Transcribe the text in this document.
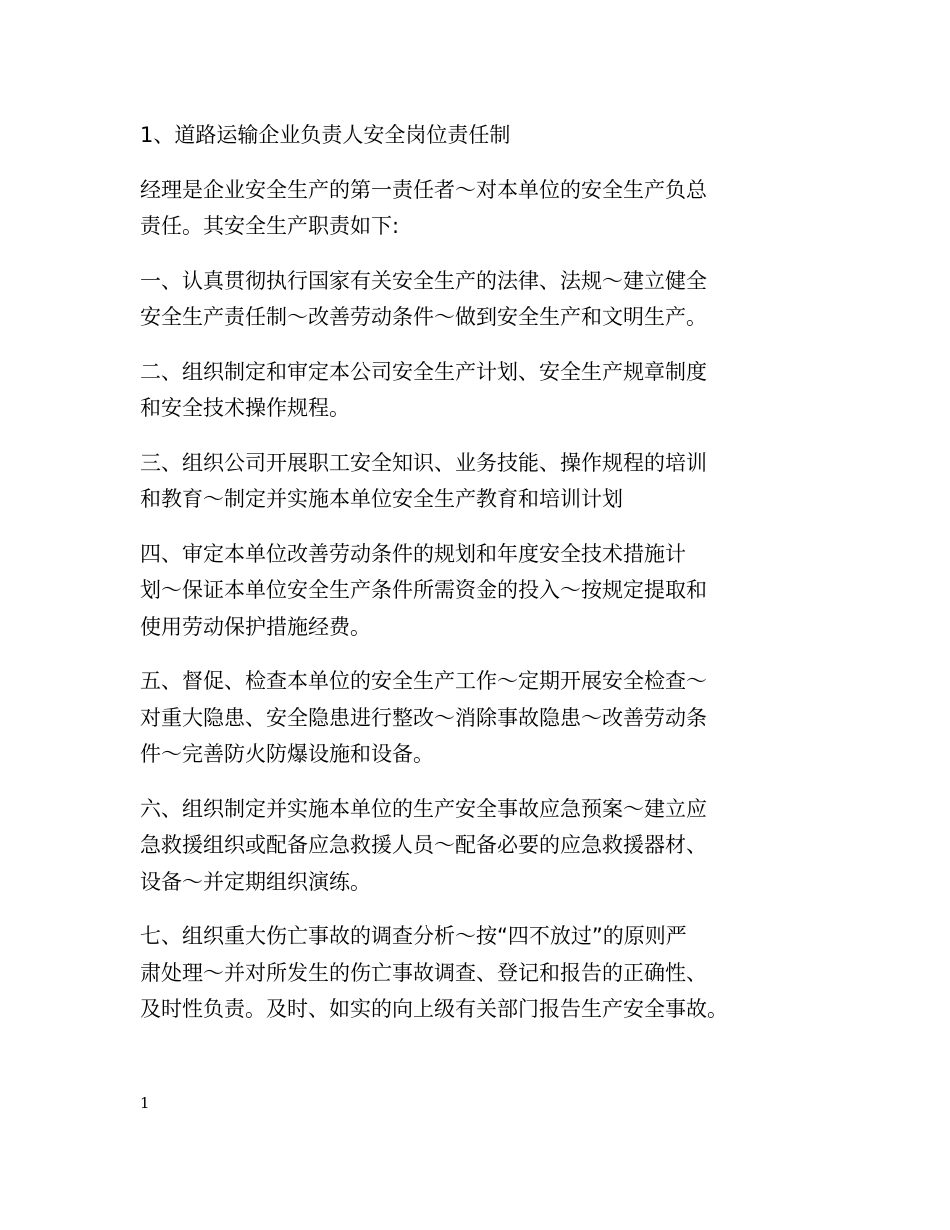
1、道路运输企业负责人安全岗位责任制

经理是企业安全生产的第一责任者～对本单位的安全生产负总
责任。其安全生产职责如下:

一、认真贯彻执行国家有关安全生产的法律、法规～建立健全
安全生产责任制～改善劳动条件～做到安全生产和文明生产。

二、组织制定和审定本公司安全生产计划、安全生产规章制度
和安全技术操作规程。

三、组织公司开展职工安全知识、业务技能、操作规程的培训
和教育～制定并实施本单位安全生产教育和培训计划

四、审定本单位改善劳动条件的规划和年度安全技术措施计
划～保证本单位安全生产条件所需资金的投入～按规定提取和
使用劳动保护措施经费。

五、督促、检查本单位的安全生产工作～定期开展安全检查～
对重大隐患、安全隐患进行整改～消除事故隐患～改善劳动条
件～完善防火防爆设施和设备。

六、组织制定并实施本单位的生产安全事故应急预案～建立应
急救援组织或配备应急救援人员～配备必要的应急救援器材、
设备～并定期组织演练。

七、组织重大伤亡事故的调查分析～按“四不放过”的原则严
肃处理～并对所发生的伤亡事故调查、登记和报告的正确性、
及时性负责。及时、如实的向上级有关部门报告生产安全事故。

1
